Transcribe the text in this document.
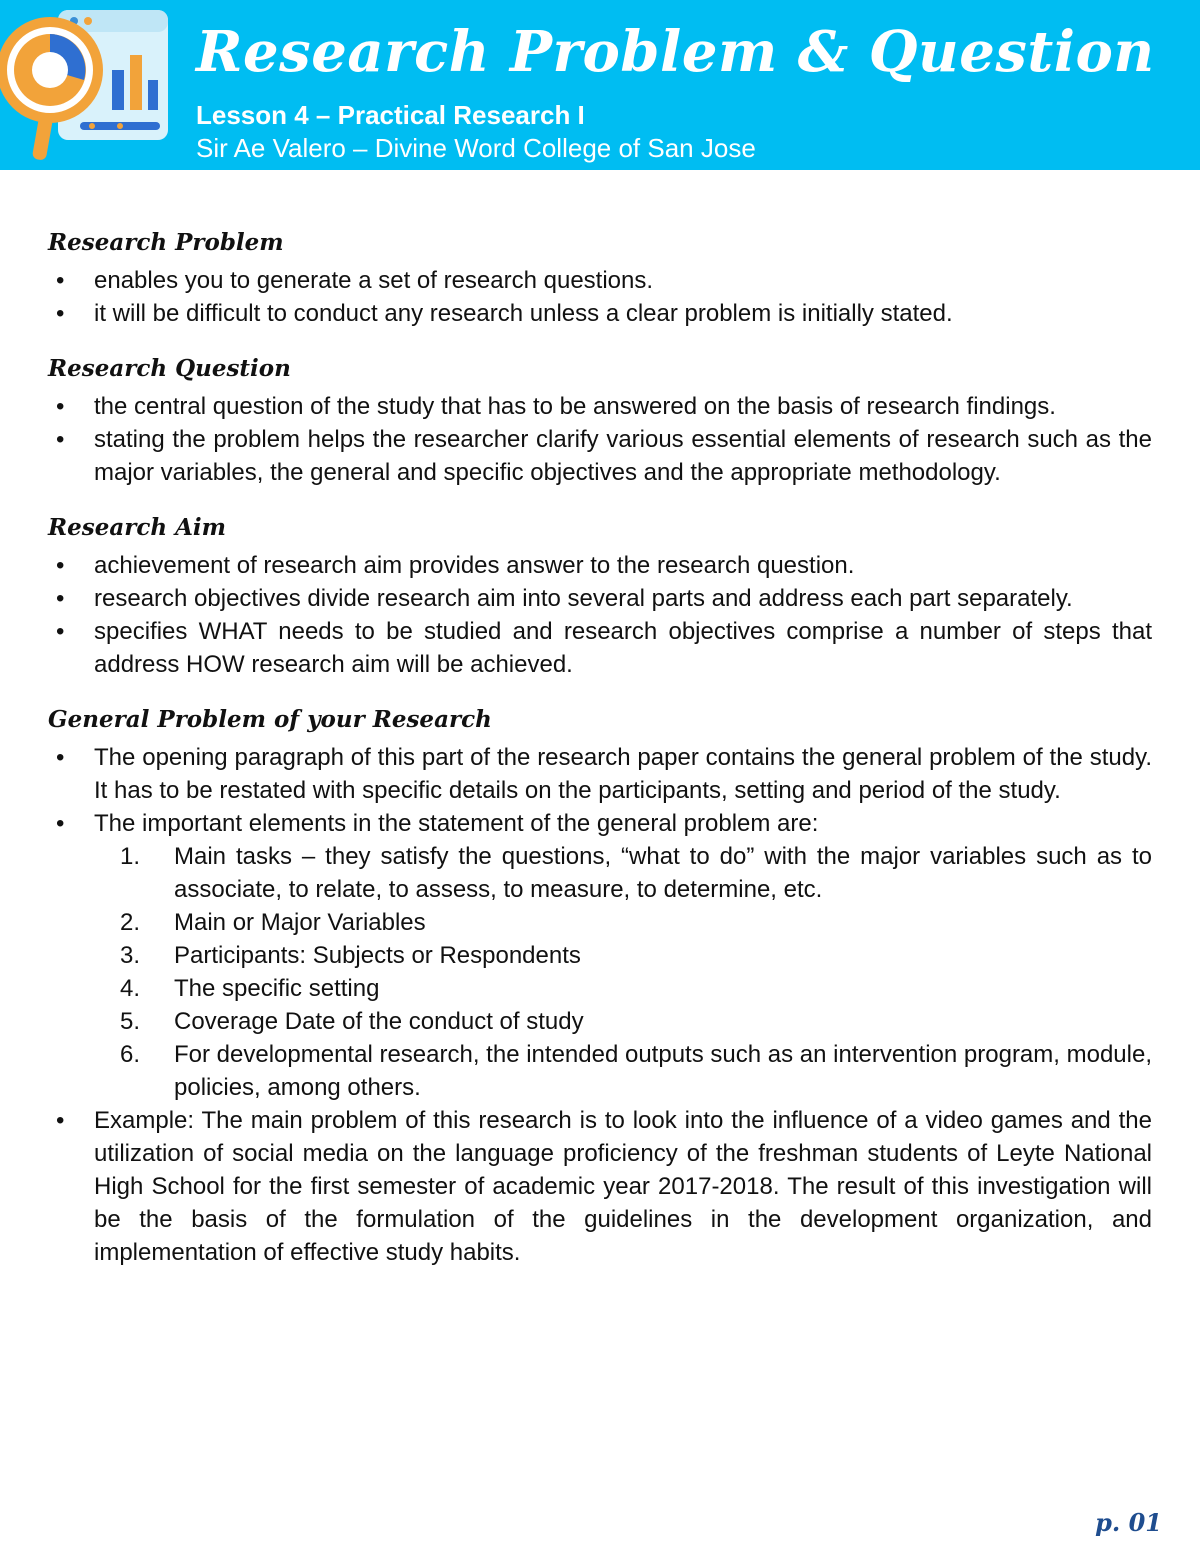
Research Problem & Question
Lesson 4 – Practical Research I
Sir Ae Valero – Divine Word College of San Jose
Research Problem
• enables you to generate a set of research questions.
• it will be difficult to conduct any research unless a clear problem is initially stated.
Research Question
• the central question of the study that has to be answered on the basis of research findings.
• stating the problem helps the researcher clarify various essential elements of research such as the major variables, the general and specific objectives and the appropriate methodology.
Research Aim
• achievement of research aim provides answer to the research question.
• research objectives divide research aim into several parts and address each part separately.
• specifies WHAT needs to be studied and research objectives comprise a number of steps that address HOW research aim will be achieved.
General Problem of your Research
• The opening paragraph of this part of the research paper contains the general problem of the study. It has to be restated with specific details on the participants, setting and period of the study.
• The important elements in the statement of the general problem are:
1. Main tasks – they satisfy the questions, “what to do” with the major variables such as to associate, to relate, to assess, to measure, to determine, etc.
2. Main or Major Variables
3. Participants: Subjects or Respondents
4. The specific setting
5. Coverage Date of the conduct of study
6. For developmental research, the intended outputs such as an intervention program, module, policies, among others.
• Example: The main problem of this research is to look into the influence of a video games and the utilization of social media on the language proficiency of the freshman students of Leyte National High School for the first semester of academic year 2017-2018. The result of this investigation will be the basis of the formulation of the guidelines in the development organization, and implementation of effective study habits.
p. 01
